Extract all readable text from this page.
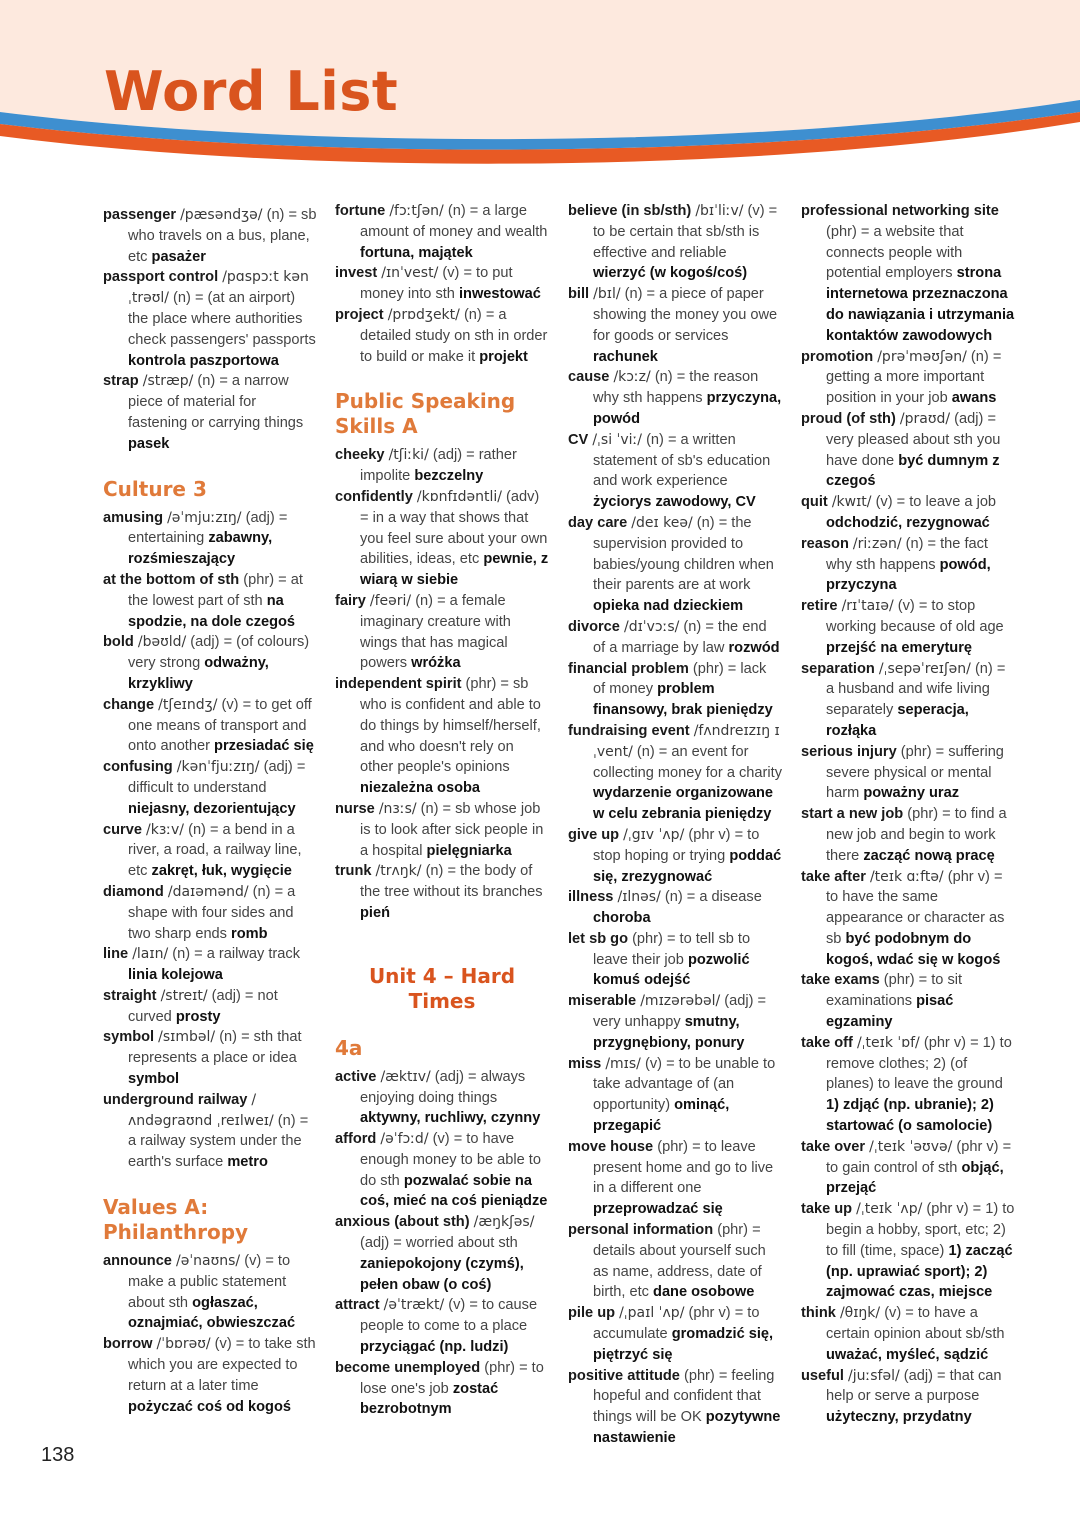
Word List
passenger /pæsəndʒə/ (n) = sb who travels on a bus, plane, etc pasażer
passport control /pɑspɔːt kənˌtrəʊl/ (n) = (at an airport) the place where authorities check passengers' passports kontrola paszportowa
strap /stræp/ (n) = a narrow piece of material for fastening or carrying things pasek
Culture 3
amusing /əˈmjuːzɪŋ/ (adj) = entertaining zabawny, rozśmieszający
at the bottom of sth (phr) = at the lowest part of sth na spodzie, na dole czegoś
bold /bəʊld/ (adj) = (of colours) very strong odważny, krzykliwy
change /tʃeɪndʒ/ (v) = to get off one means of transport and onto another przesiadać się
confusing /kənˈfjuːzɪŋ/ (adj) = difficult to understand niejasny, dezorientujący
curve /kɜːv/ (n) = a bend in a river, a road, a railway line, etc zakręt, łuk, wygięcie
diamond /daɪəmənd/ (n) = a shape with four sides and two sharp ends romb
line /laɪn/ (n) = a railway track linia kolejowa
straight /streɪt/ (adj) = not curved prosty
symbol /sɪmbəl/ (n) = sth that represents a place or idea symbol
underground railway /ʌndəgraʊnd ˌreɪlweɪ/ (n) = a railway system under the earth's surface metro
Values A: Philanthropy
announce /əˈnaʊns/ (v) = to make a public statement about sth ogłaszać, oznajmiać, obwieszczać
borrow /ˈbɒrəʊ/ (v) = to take sth which you are expected to return at a later time pożyczać coś od kogoś
fortune /fɔːtʃən/ (n) = a large amount of money and wealth fortuna, majątek
invest /ɪnˈvest/ (v) = to put money into sth inwestować
project /prɒdʒekt/ (n) = a detailed study on sth in order to build or make it projekt
Public Speaking Skills A
cheeky /tʃiːki/ (adj) = rather impolite bezczelny
confidently /kɒnfɪdəntli/ (adv) = in a way that shows that you feel sure about your own abilities, ideas, etc pewnie, z wiarą w siebie
fairy /feəri/ (n) = a female imaginary creature with wings that has magical powers wróżka
independent spirit (phr) = sb who is confident and able to do things by himself/herself, and who doesn't rely on other people's opinions niezależna osoba
nurse /nɜːs/ (n) = sb whose job is to look after sick people in a hospital pielęgniarka
trunk /trʌŋk/ (n) = the body of the tree without its branches pień
Unit 4 – Hard Times
4a
active /æktɪv/ (adj) = always enjoying doing things aktywny, ruchliwy, czynny
afford /əˈfɔːd/ (v) = to have enough money to be able to do sth pozwalać sobie na coś, mieć na coś pieniądze
anxious (about sth) /æŋkʃəs/ (adj) = worried about sth zaniepokojony (czymś), pełen obaw (o coś)
attract /əˈtrækt/ (v) = to cause people to come to a place przyciągać (np. ludzi)
become unemployed (phr) = to lose one's job zostać bezrobotnym
believe (in sb/sth) /bɪˈliːv/ (v) = to be certain that sb/sth is effective and reliable wierzyć (w kogoś/coś)
bill /bɪl/ (n) = a piece of paper showing the money you owe for goods or services rachunek
cause /kɔːz/ (n) = the reason why sth happens przyczyna, powód
CV /ˌsi ˈviː/ (n) = a written statement of sb's education and work experience życiorys zawodowy, CV
day care /deɪ keə/ (n) = the supervision provided to babies/young children when their parents are at work opieka nad dzieckiem
divorce /dɪˈvɔːs/ (n) = the end of a marriage by law rozwód
financial problem (phr) = lack of money problem finansowy, brak pieniędzy
fundraising event /fʌndreɪzɪŋ ɪˌvent/ (n) = an event for collecting money for a charity wydarzenie organizowane w celu zebrania pieniędzy
give up /ˌgɪv ˈʌp/ (phr v) = to stop hoping or trying poddać się, zrezygnować
illness /ɪlnəs/ (n) = a disease choroba
let sb go (phr) = to tell sb to leave their job pozwolić komuś odejść
miserable /mɪzərəbəl/ (adj) = very unhappy smutny, przygnębiony, ponury
miss /mɪs/ (v) = to be unable to take advantage of (an opportunity) ominąć, przegapić
move house (phr) = to leave present home and go to live in a different one przeprowadzać się
personal information (phr) = details about yourself such as name, address, date of birth, etc dane osobowe
pile up /ˌpaɪl ˈʌp/ (phr v) = to accumulate gromadzić się, piętrzyć się
positive attitude (phr) = feeling hopeful and confident that things will be OK pozytywne nastawienie
professional networking site (phr) = a website that connects people with potential employers strona internetowa przeznaczona do nawiązania i utrzymania kontaktów zawodowych
promotion /prəˈməʊʃən/ (n) = getting a more important position in your job awans
proud (of sth) /praʊd/ (adj) = very pleased about sth you have done być dumnym z czegoś
quit /kwɪt/ (v) = to leave a job odchodzić, rezygnować
reason /riːzən/ (n) = the fact why sth happens powód, przyczyna
retire /rɪˈtaɪə/ (v) = to stop working because of old age przejść na emeryturę
separation /ˌsepəˈreɪʃən/ (n) = a husband and wife living separately seperacja, rozłąka
serious injury (phr) = suffering severe physical or mental harm poważny uraz
start a new job (phr) = to find a new job and begin to work there zacząć nową pracę
take after /teɪk ɑːftə/ (phr v) = to have the same appearance or character as sb być podobnym do kogoś, wdać się w kogoś
take exams (phr) = to sit examinations pisać egzaminy
take off /ˌteɪk ˈɒf/ (phr v) = 1) to remove clothes; 2) (of planes) to leave the ground 1) zdjąć (np. ubranie); 2) startować (o samolocie)
take over /ˌteɪk ˈəʊvə/ (phr v) = to gain control of sth objąć, przejąć
take up /ˌteɪk ˈʌp/ (phr v) = 1) to begin a hobby, sport, etc; 2) to fill (time, space) 1) zacząć (np. uprawiać sport); 2) zajmować czas, miejsce
think /θɪŋk/ (v) = to have a certain opinion about sb/sth uważać, myśleć, sądzić
useful /juːsfəl/ (adj) = that can help or serve a purpose użyteczny, przydatny
138
